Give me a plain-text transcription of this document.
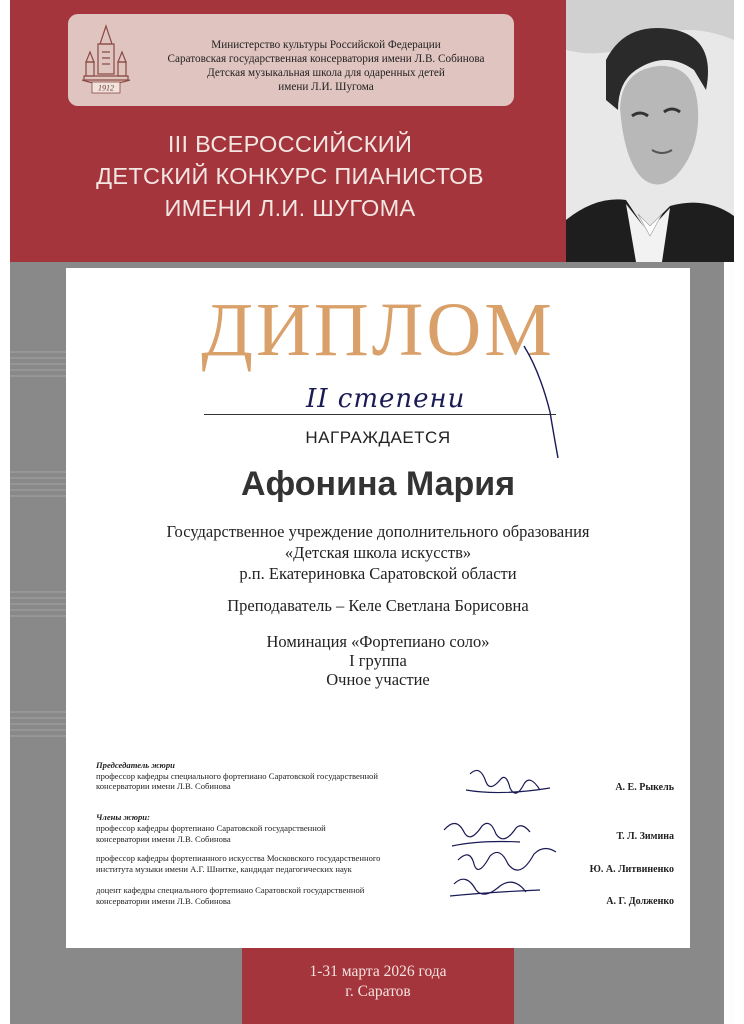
1912
Министерство культуры Российской Федерации
Саратовская государственная консерватория имени Л.В. Собинова
Детская музыкальная школа для одаренных детей
имени Л.И. Шугома
III ВСЕРОССИЙСКИЙ
ДЕТСКИЙ КОНКУРС ПИАНИСТОВ
ИМЕНИ Л.И. ШУГОМА
ДИПЛОМ
II степени
НАГРАЖДАЕТСЯ
Афонина Мария
Государственное учреждение дополнительного образования
«Детская школа искусств»
р.п. Екатериновка Саратовской области
Преподаватель – Келе Светлана Борисовна
Номинация «Фортепиано соло»
I группа
Очное участие
Председатель жюри
профессор кафедры специального фортепиано Саратовской государственной
консерватории имени Л.В. Собинова	А. Е. Рыкель
Члены жюри:
профессор кафедры фортепиано Саратовской государственной
консерватории имени Л.В. Собинова	Т. Л. Зимина
профессор кафедры фортепианного искусства Московского государственного
института музыки имени А.Г. Шнитке, кандидат педагогических наук	Ю. А. Литвиненко
доцент кафедры специального фортепиано Саратовской государственной
консерватории имени Л.В. Собинова	А. Г. Долженко
1-31 марта 2026 года
г. Саратов
